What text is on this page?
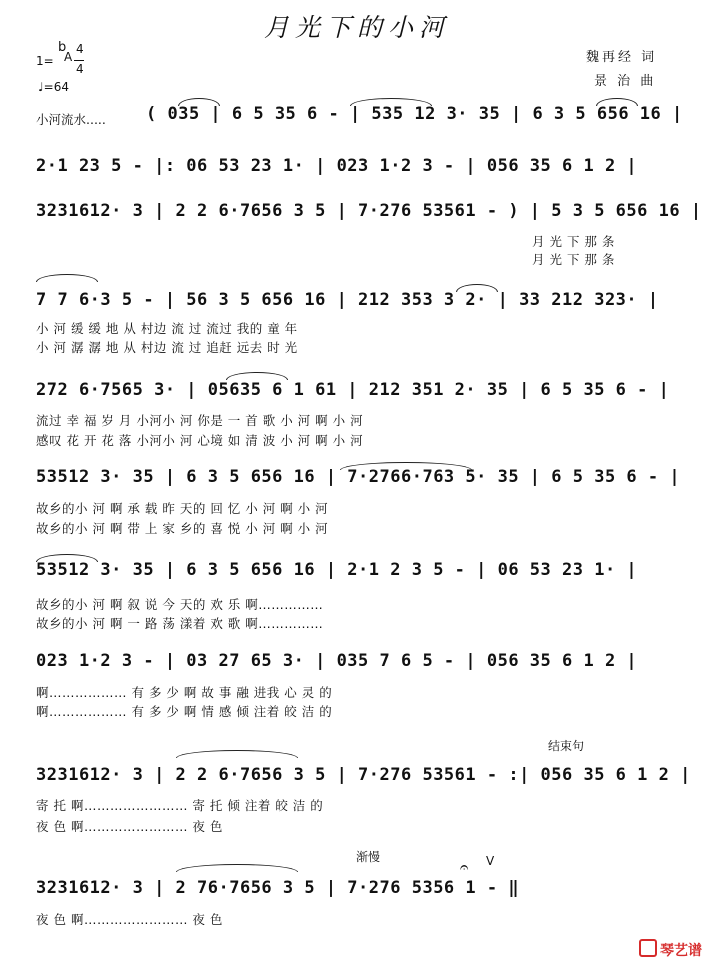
月光下的小河
魏再经 词
景 治 曲
1=
b
A
4
4
♩=64
小河流水..... ( 035 | 6 5 35 6 - | 535 12 3· 35 | 6 3 5 656 16 |
2·1 23 5 - |: 06 53 23 1· | 023 1·2 3 - | 056 35 6 1 2 |
3231612· 3 | 2 2 6·7656 3 5 | 7·276 53561 - ) | 5 3 5 656 16 |
月 光 下 那 条
月 光 下 那 条
7 7 6·3 5 - | 56 3 5 656 16 | 212 353 3 2· | 33 212 323· |
小 河 缓 缓 地 从 村边 流 过 流过 我的 童 年
小 河 潺 潺 地 从 村边 流 过 追赶 远去 时 光
272 6·7565 3· | 05635 6 1 61 | 212 351 2· 35 | 6 5 35 6 - |
流过 幸 福 岁 月 小河小 河 你是 一 首 歌 小 河 啊 小 河
感叹 花 开 花 落 小河小 河 心境 如 清 波 小 河 啊 小 河
53512 3· 35 | 6 3 5 656 16 | 7·2766·763 5· 35 | 6 5 35 6 - |
故乡的小 河 啊 承 载 昨 天的 回 忆 小 河 啊 小 河
故乡的小 河 啊 带 上 家 乡的 喜 悦 小 河 啊 小 河
53512 3· 35 | 6 3 5 656 16 | 2·1 2 3 5 - | 06 53 23 1· |
故乡的小 河 啊 叙 说 今 天的 欢 乐 啊……………
故乡的小 河 啊 一 路 荡 漾着 欢 歌 啊……………
023 1·2 3 - | 03 27 65 3· | 035 7 6 5 - | 056 35 6 1 2 |
啊……………… 有 多 少 啊 故 事 融 进我 心 灵 的
啊……………… 有 多 少 啊 情 感 倾 注着 皎 洁 的
结束句
3231612· 3 | 2 2 6·7656 3 5 | 7·276 53561 - :| 056 35 6 1 2 |
寄 托 啊…………………… 寄 托 倾 注着 皎 洁 的
夜 色 啊…………………… 夜 色
渐慢
𝄐 V
3231612· 3 | 2 76·7656 3 5 | 7·276 5356 1 - ‖
夜 色 啊…………………… 夜 色
琴艺谱
